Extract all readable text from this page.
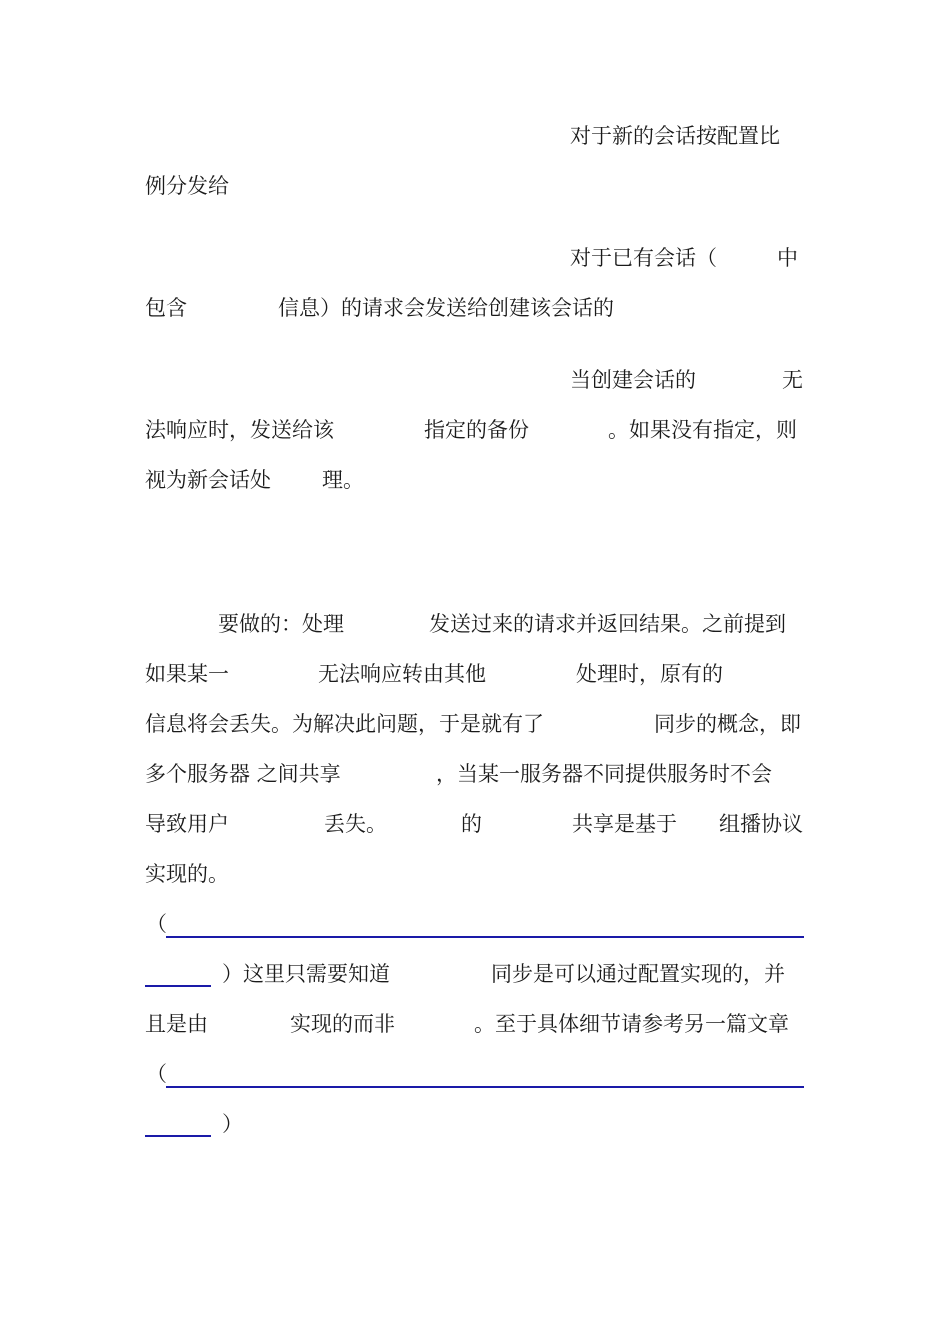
对于新的会话按配置比
例分发给
对于已有会话（	中
包含	信息）的请求会发送给创建该会话的
当创建会话的	无
法响应时，发送给该	指定的备份	。如果没有指定，则
视为新会话处 理。
要做的：处理	发送过来的请求并返回结果。之前提到
如果某一	无法响应转由其他	处理时，原有的
信息将会丢失。为解决此问题，于是就有了	同步的概念，即
多个服务器 之间共享	，当某一服务器不同提供服务时不会
导致用户	丢失。	的	共享是基于 组播协议
实现的。
（
）这里只需要知道	同步是可以通过配置实现的，并
且是由	实现的而非	。至于具体细节请参考另一篇文章
（
）
